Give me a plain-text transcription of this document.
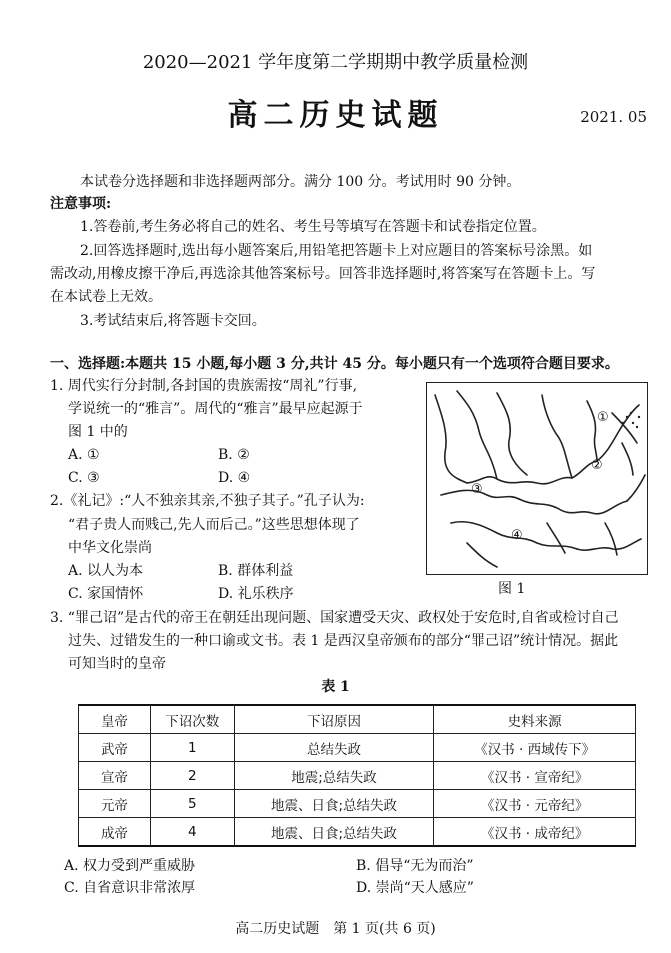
2020—2021 学年度第二学期期中教学质量检测
高二历史试题	2021. 05
本试卷分选择题和非选择题两部分。满分 100 分。考试用时 90 分钟。
注意事项:
1.答卷前,考生务必将自己的姓名、考生号等填写在答题卡和试卷指定位置。
2.回答选择题时,选出每小题答案后,用铅笔把答题卡上对应题目的答案标号涂黑。如
需改动,用橡皮擦干净后,再选涂其他答案标号。回答非选择题时,将答案写在答题卡上。写
在本试卷上无效。
3.考试结束后,将答题卡交回。
一、选择题:本题共 15 小题,每小题 3 分,共计 45 分。每小题只有一个选项符合题目要求。
1. 周代实行分封制,各封国的贵族需按“周礼”行事,
学说统一的“雅言”。周代的“雅言”最早应起源于
图 1 中的
A. ①	B. ②
C. ③	D. ④
2.《礼记》:“人不独亲其亲,不独子其子。”孔子认为:
“君子贵人而贱己,先人而后己。”这些思想体现了
中华文化崇尚
A. 以人为本	B. 群体利益
C. 家国情怀	D. 礼乐秩序
①
②
③
④
图 1
3. “罪己诏”是古代的帝王在朝廷出现问题、国家遭受天灾、政权处于安危时,自省或检讨自己
过失、过错发生的一种口谕或文书。表 1 是西汉皇帝颁布的部分“罪己诏”统计情况。据此
可知当时的皇帝
表 1
皇帝	下诏次数	下诏原因	史料来源
武帝	1	总结失政	《汉书 · 西域传下》
宣帝	2	地震;总结失政	《汉书 · 宣帝纪》
元帝	5	地震、日食;总结失政	《汉书 · 元帝纪》
成帝	4	地震、日食;总结失政	《汉书 · 成帝纪》
A. 权力受到严重威胁	B. 倡导“无为而治”
C. 自省意识非常浓厚	D. 崇尚“天人感应”
高二历史试题　第 1 页(共 6 页)
